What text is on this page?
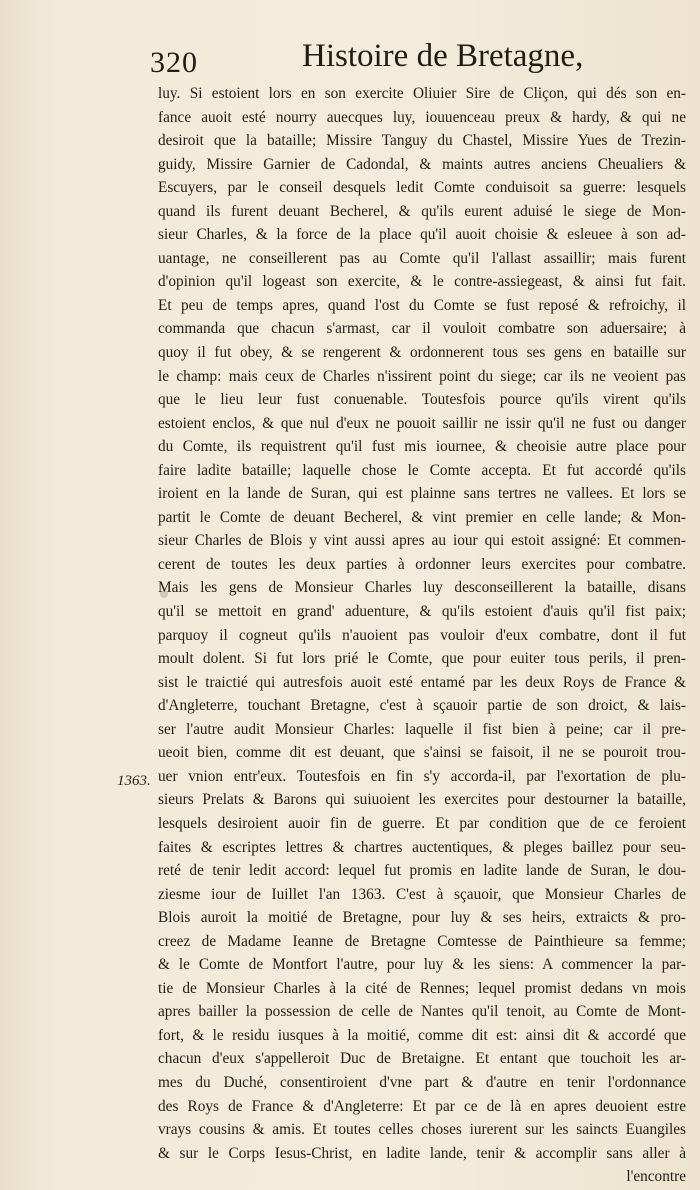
320	Histoire de Bretagne,
1363.
luy. Si estoient lors en son exercite Oliuier Sire de Cliçon, qui dés son en-
fance auoit esté nourry auecques luy, iouuenceau preux & hardy, & qui ne
desiroit que la bataille; Missire Tanguy du Chastel, Missire Yues de Trezin-
guidy, Missire Garnier de Cadondal, & maints autres anciens Cheualiers &
Escuyers, par le conseil desquels ledit Comte conduisoit sa guerre: lesquels
quand ils furent deuant Becherel, & qu'ils eurent aduisé le siege de Mon-
sieur Charles, & la force de la place qu'il auoit choisie & esleuee à son ad-
uantage, ne conseillerent pas au Comte qu'il l'allast assaillir; mais furent
d'opinion qu'il logeast son exercite, & le contre-assiegeast, & ainsi fut fait.
Et peu de temps apres, quand l'ost du Comte se fust reposé & refroichy, il
commanda que chacun s'armast, car il vouloit combatre son aduersaire; à
quoy il fut obey, & se rengerent & ordonnerent tous ses gens en bataille sur
le champ: mais ceux de Charles n'issirent point du siege; car ils ne veoient pas
que le lieu leur fust conuenable. Toutesfois pource qu'ils virent qu'ils
estoient enclos, & que nul d'eux ne pouoit saillir ne issir qu'il ne fust ou danger
du Comte, ils requistrent qu'il fust mis iournee, & cheoisie autre place pour
faire ladite bataille; laquelle chose le Comte accepta. Et fut accordé qu'ils
iroient en la lande de Suran, qui est plainne sans tertres ne vallees. Et lors se
partit le Comte de deuant Becherel, & vint premier en celle lande; & Mon-
sieur Charles de Blois y vint aussi apres au iour qui estoit assigné: Et commen-
cerent de toutes les deux parties à ordonner leurs exercites pour combatre.
Mais les gens de Monsieur Charles luy desconseillerent la bataille, disans
qu'il se mettoit en grand' aduenture, & qu'ils estoient d'auis qu'il fist paix;
parquoy il cogneut qu'ils n'auoient pas vouloir d'eux combatre, dont il fut
moult dolent. Si fut lors prié le Comte, que pour euiter tous perils, il pren-
sist le traictié qui autresfois auoit esté entamé par les deux Roys de France &
d'Angleterre, touchant Bretagne, c'est à sçauoir partie de son droict, & lais-
ser l'autre audit Monsieur Charles: laquelle il fist bien à peine; car il pre-
ueoit bien, comme dit est deuant, que s'ainsi se faisoit, il ne se pouroit trou-
uer vnion entr'eux. Toutesfois en fin s'y accorda-il, par l'exortation de plu-
sieurs Prelats & Barons qui suiuoient les exercites pour destourner la bataille,
lesquels desiroient auoir fin de guerre. Et par condition que de ce feroient
faites & escriptes lettres & chartres auctentiques, & pleges baillez pour seu-
reté de tenir ledit accord: lequel fut promis en ladite lande de Suran, le dou-
ziesme iour de Iuillet l'an 1363. C'est à sçauoir, que Monsieur Charles de
Blois auroit la moitié de Bretagne, pour luy & ses heirs, extraicts & pro-
creez de Madame Ieanne de Bretagne Comtesse de Painthieure sa femme;
& le Comte de Montfort l'autre, pour luy & les siens: A commencer la par-
tie de Monsieur Charles à la cité de Rennes; lequel promist dedans vn mois
apres bailler la possession de celle de Nantes qu'il tenoit, au Comte de Mont-
fort, & le residu iusques à la moitié, comme dit est: ainsi dit & accordé que
chacun d'eux s'appelleroit Duc de Bretaigne. Et entant que touchoit les ar-
mes du Duché, consentiroient d'vne part & d'autre en tenir l'ordonnance
des Roys de France & d'Angleterre: Et par ce de là en apres deuoient estre
vrays cousins & amis. Et toutes celles choses iurerent sur les saincts Euangiles
& sur le Corps Iesus-Christ, en ladite lande, tenir & accomplir sans aller à
l'encontre
